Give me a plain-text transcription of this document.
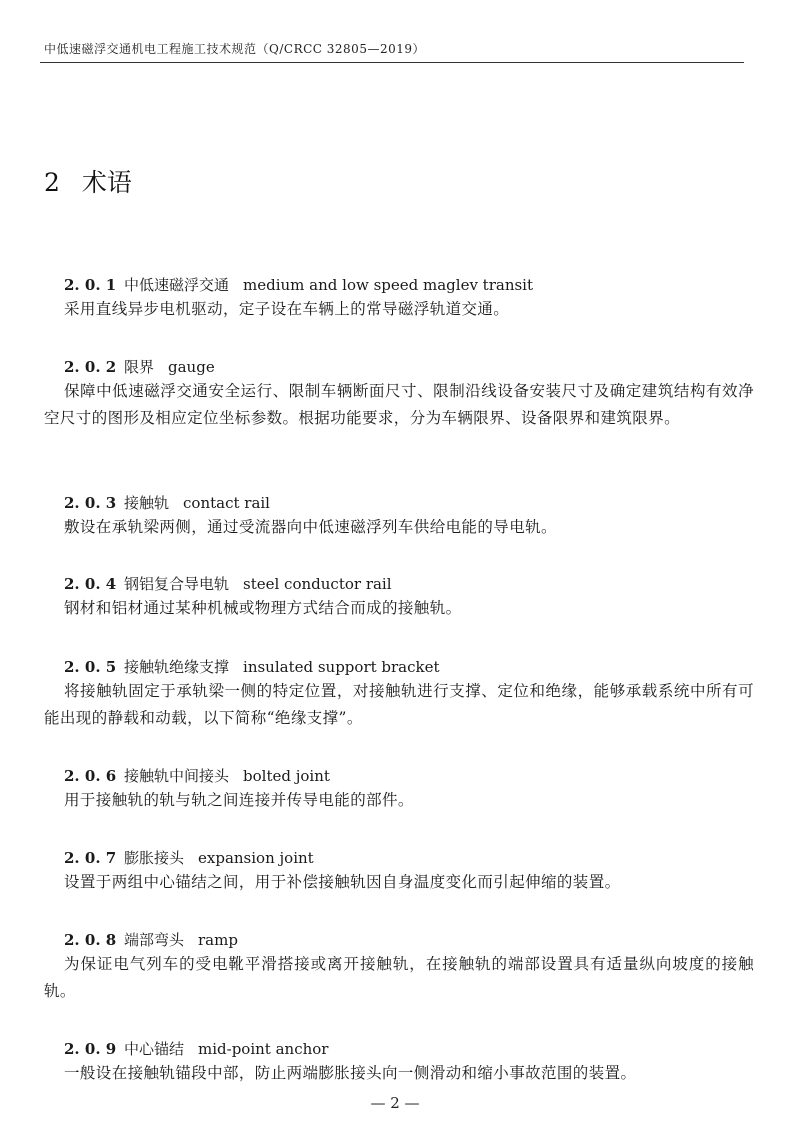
中低速磁浮交通机电工程施工技术规范（Q/CRCC 32805—2019）
2 术语
2. 0. 1 中低速磁浮交通 medium and low speed maglev transit
采用直线异步电机驱动，定子设在车辆上的常导磁浮轨道交通。
2. 0. 2 限界 gauge
保障中低速磁浮交通安全运行、限制车辆断面尺寸、限制沿线设备安装尺寸及确定建筑结构有效净空尺寸的图形及相应定位坐标参数。根据功能要求，分为车辆限界、设备限界和建筑限界。
2. 0. 3 接触轨 contact rail
敷设在承轨梁两侧，通过受流器向中低速磁浮列车供给电能的导电轨。
2. 0. 4 钢铝复合导电轨 steel conductor rail
钢材和铝材通过某种机械或物理方式结合而成的接触轨。
2. 0. 5 接触轨绝缘支撑 insulated support bracket
将接触轨固定于承轨梁一侧的特定位置，对接触轨进行支撑、定位和绝缘，能够承载系统中所有可能出现的静载和动载，以下简称“绝缘支撑”。
2. 0. 6 接触轨中间接头 bolted joint
用于接触轨的轨与轨之间连接并传导电能的部件。
2. 0. 7 膨胀接头 expansion joint
设置于两组中心锚结之间，用于补偿接触轨因自身温度变化而引起伸缩的装置。
2. 0. 8 端部弯头 ramp
为保证电气列车的受电靴平滑搭接或离开接触轨，在接触轨的端部设置具有适量纵向坡度的接触轨。
2. 0. 9 中心锚结 mid-point anchor
一般设在接触轨锚段中部，防止两端膨胀接头向一侧滑动和缩小事故范围的装置。
— 2 —
